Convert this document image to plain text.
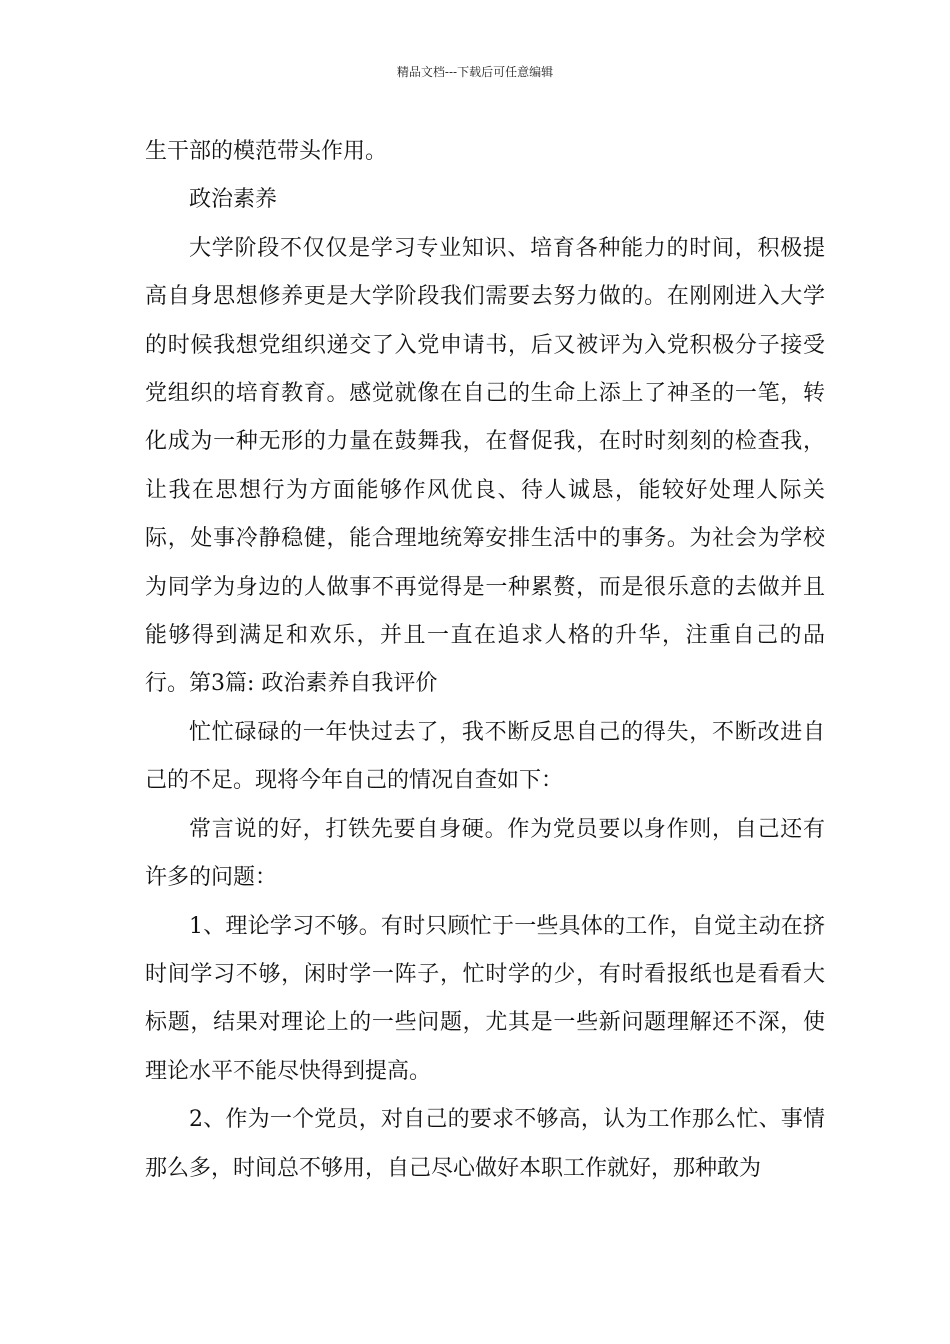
精品文档---下载后可任意编辑

生干部的模范带头作用。

政治素养

大学阶段不仅仅是学习专业知识、培育各种能力的时间，积极提高自身思想修养更是大学阶段我们需要去努力做的。在刚刚进入大学的时候我想党组织递交了入党申请书，后又被评为入党积极分子接受党组织的培育教育。感觉就像在自己的生命上添上了神圣的一笔，转化成为一种无形的力量在鼓舞我，在督促我，在时时刻刻的检查我，让我在思想行为方面能够作风优良、待人诚恳，能较好处理人际关际，处事冷静稳健，能合理地统筹安排生活中的事务。为社会为学校为同学为身边的人做事不再觉得是一种累赘，而是很乐意的去做并且能够得到满足和欢乐，并且一直在追求人格的升华，注重自己的品行。第3篇: 政治素养自我评价

忙忙碌碌的一年快过去了，我不断反思自己的得失，不断改进自己的不足。现将今年自己的情况自查如下：

常言说的好，打铁先要自身硬。作为党员要以身作则，自己还有许多的问题：

1、理论学习不够。有时只顾忙于一些具体的工作，自觉主动在挤时间学习不够，闲时学一阵子，忙时学的少，有时看报纸也是看看大标题，结果对理论上的一些问题，尤其是一些新问题理解还不深，使理论水平不能尽快得到提高。

2、作为一个党员，对自己的要求不够高，认为工作那么忙、事情那么多，时间总不够用，自己尽心做好本职工作就好，那种敢为
